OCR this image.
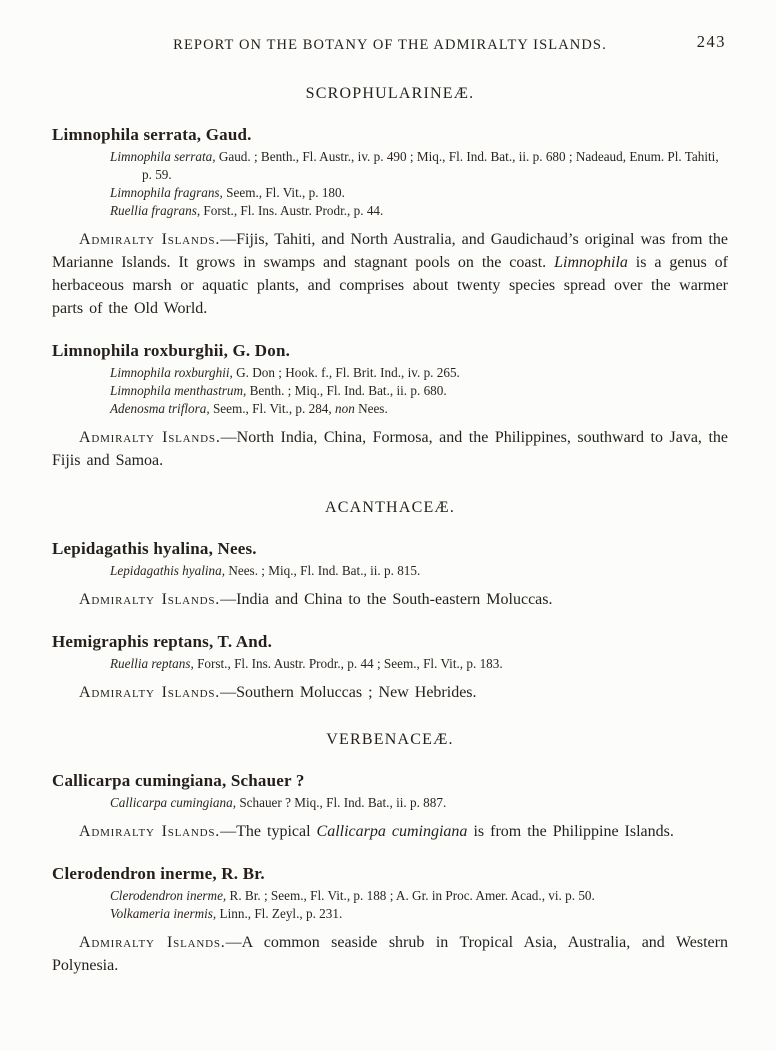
REPORT ON THE BOTANY OF THE ADMIRALTY ISLANDS.	243
SCROPHULARINEÆ.
Limnophila serrata, Gaud.

Limnophila serrata, Gaud. ; Benth., Fl. Austr., iv. p. 490 ; Miq., Fl. Ind. Bat., ii. p. 680 ; Nadeaud, Enum. Pl. Tahiti, p. 59.

Limnophila fragrans, Seem., Fl. Vit., p. 180.

Ruellia fragrans, Forst., Fl. Ins. Austr. Prodr., p. 44.

Admiralty Islands.—Fijis, Tahiti, and North Australia, and Gaudichaud’s original was from the Marianne Islands. It grows in swamps and stagnant pools on the coast. Limnophila is a genus of herbaceous marsh or aquatic plants, and comprises about twenty species spread over the warmer parts of the Old World.

Limnophila roxburghii, G. Don.

Limnophila roxburghii, G. Don ; Hook. f., Fl. Brit. Ind., iv. p. 265.

Limnophila menthastrum, Benth. ; Miq., Fl. Ind. Bat., ii. p. 680.

Adenosma triflora, Seem., Fl. Vit., p. 284, non Nees.

Admiralty Islands.—North India, China, Formosa, and the Philippines, southward to Java, the Fijis and Samoa.

ACANTHACEÆ.
Lepidagathis hyalina, Nees.

Lepidagathis hyalina, Nees. ; Miq., Fl. Ind. Bat., ii. p. 815.

Admiralty Islands.—India and China to the South-eastern Moluccas.

Hemigraphis reptans, T. And.

Ruellia reptans, Forst., Fl. Ins. Austr. Prodr., p. 44 ; Seem., Fl. Vit., p. 183.

Admiralty Islands.—Southern Moluccas ; New Hebrides.

VERBENACEÆ.
Callicarpa cumingiana, Schauer ?

Callicarpa cumingiana, Schauer ? Miq., Fl. Ind. Bat., ii. p. 887.

Admiralty Islands.—The typical Callicarpa cumingiana is from the Philippine Islands.

Clerodendron inerme, R. Br.

Clerodendron inerme, R. Br. ; Seem., Fl. Vit., p. 188 ; A. Gr. in Proc. Amer. Acad., vi. p. 50.

Volkameria inermis, Linn., Fl. Zeyl., p. 231.

Admiralty Islands.—A common seaside shrub in Tropical Asia, Australia, and Western Polynesia.
